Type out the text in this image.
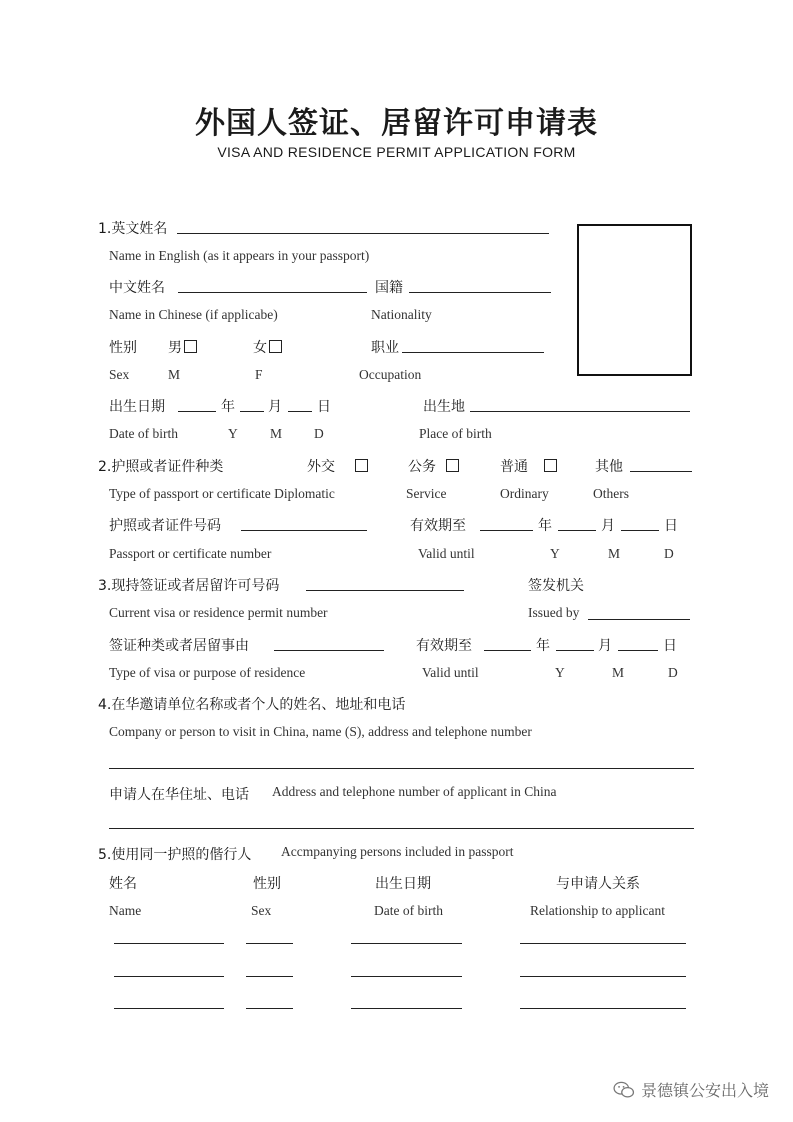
外国人签证、居留许可申请表
VISA AND RESIDENCE PERMIT APPLICATION FORM
1.英文姓名
Name in English (as it appears in your passport)
中文姓名	国籍
Name in Chinese (if applicabe)	Nationality
性别 男	女	职业
Sex	M	F	Occupation
出生日期	年 月	日	出生地
Date of birth	Y M D	Place of birth
2.护照或者证件种类	外交	公务	普通	其他
Type of passport or certificate Diplomatic	Service	Ordinary	Others
护照或者证件号码	有效期至	年	月	日
Passport or certificate number	Valid until	Y	M	D
3.现持签证或者居留许可号码	签发机关
Current visa or residence permit number	Issued by
签证种类或者居留事由	有效期至	年	月	日
Type of visa or purpose of residence	Valid until	Y	M	D
4.在华邀请单位名称或者个人的姓名、地址和电话
Company or person to visit in China, name (S), address and telephone number
申请人在华住址、电话 Address and telephone number of applicant in China
5.使用同一护照的偕行人 Accmpanying persons included in passport
姓名	性别	出生日期	与申请人关系
Name	Sex	Date of birth	Relationship to applicant
景德镇公安出入境
